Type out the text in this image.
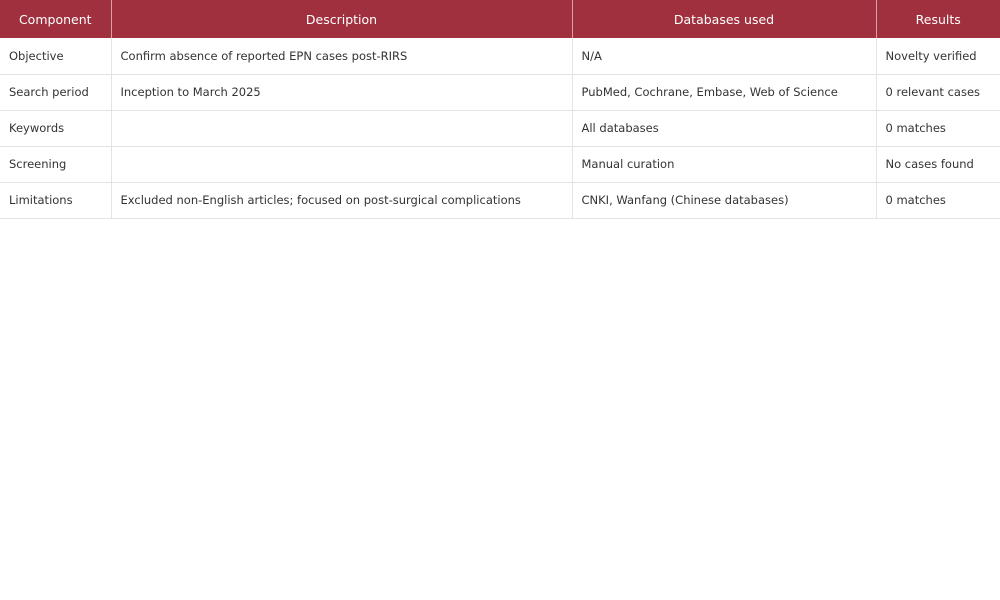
Component	Description	Databases used	Results
Objective	Confirm absence of reported EPN cases post-RIRS	N/A	Novelty verified
Search period	Inception to March 2025	PubMed, Cochrane, Embase, Web of Science	0 relevant cases
Keywords		All databases	0 matches
Screening		Manual curation	No cases found
Limitations	Excluded non-English articles; focused on post-surgical complications	CNKI, Wanfang (Chinese databases)	0 matches
